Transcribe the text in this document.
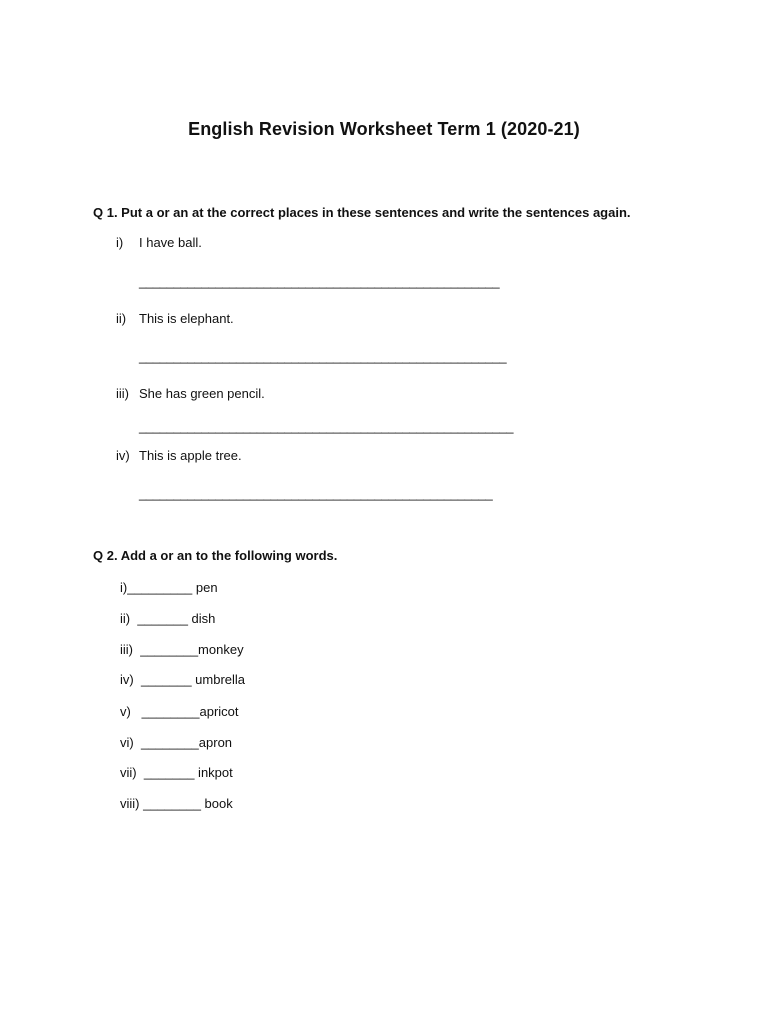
English Revision Worksheet Term 1 (2020-21)
Q 1. Put a or an at the correct places in these sentences and write the sentences again.
i) I have ball.
____________________________________________________
ii) This is elephant.
_____________________________________________________
iii) She has green pencil.
______________________________________________________
iv) This is apple tree.
___________________________________________________
Q 2. Add a or an to the following words.
i)_________ pen
ii)  _______ dish
iii)  ________monkey
iv)  _______ umbrella
v)   ________apricot
vi)  ________apron
vii)  _______ inkpot
viii) ________ book
